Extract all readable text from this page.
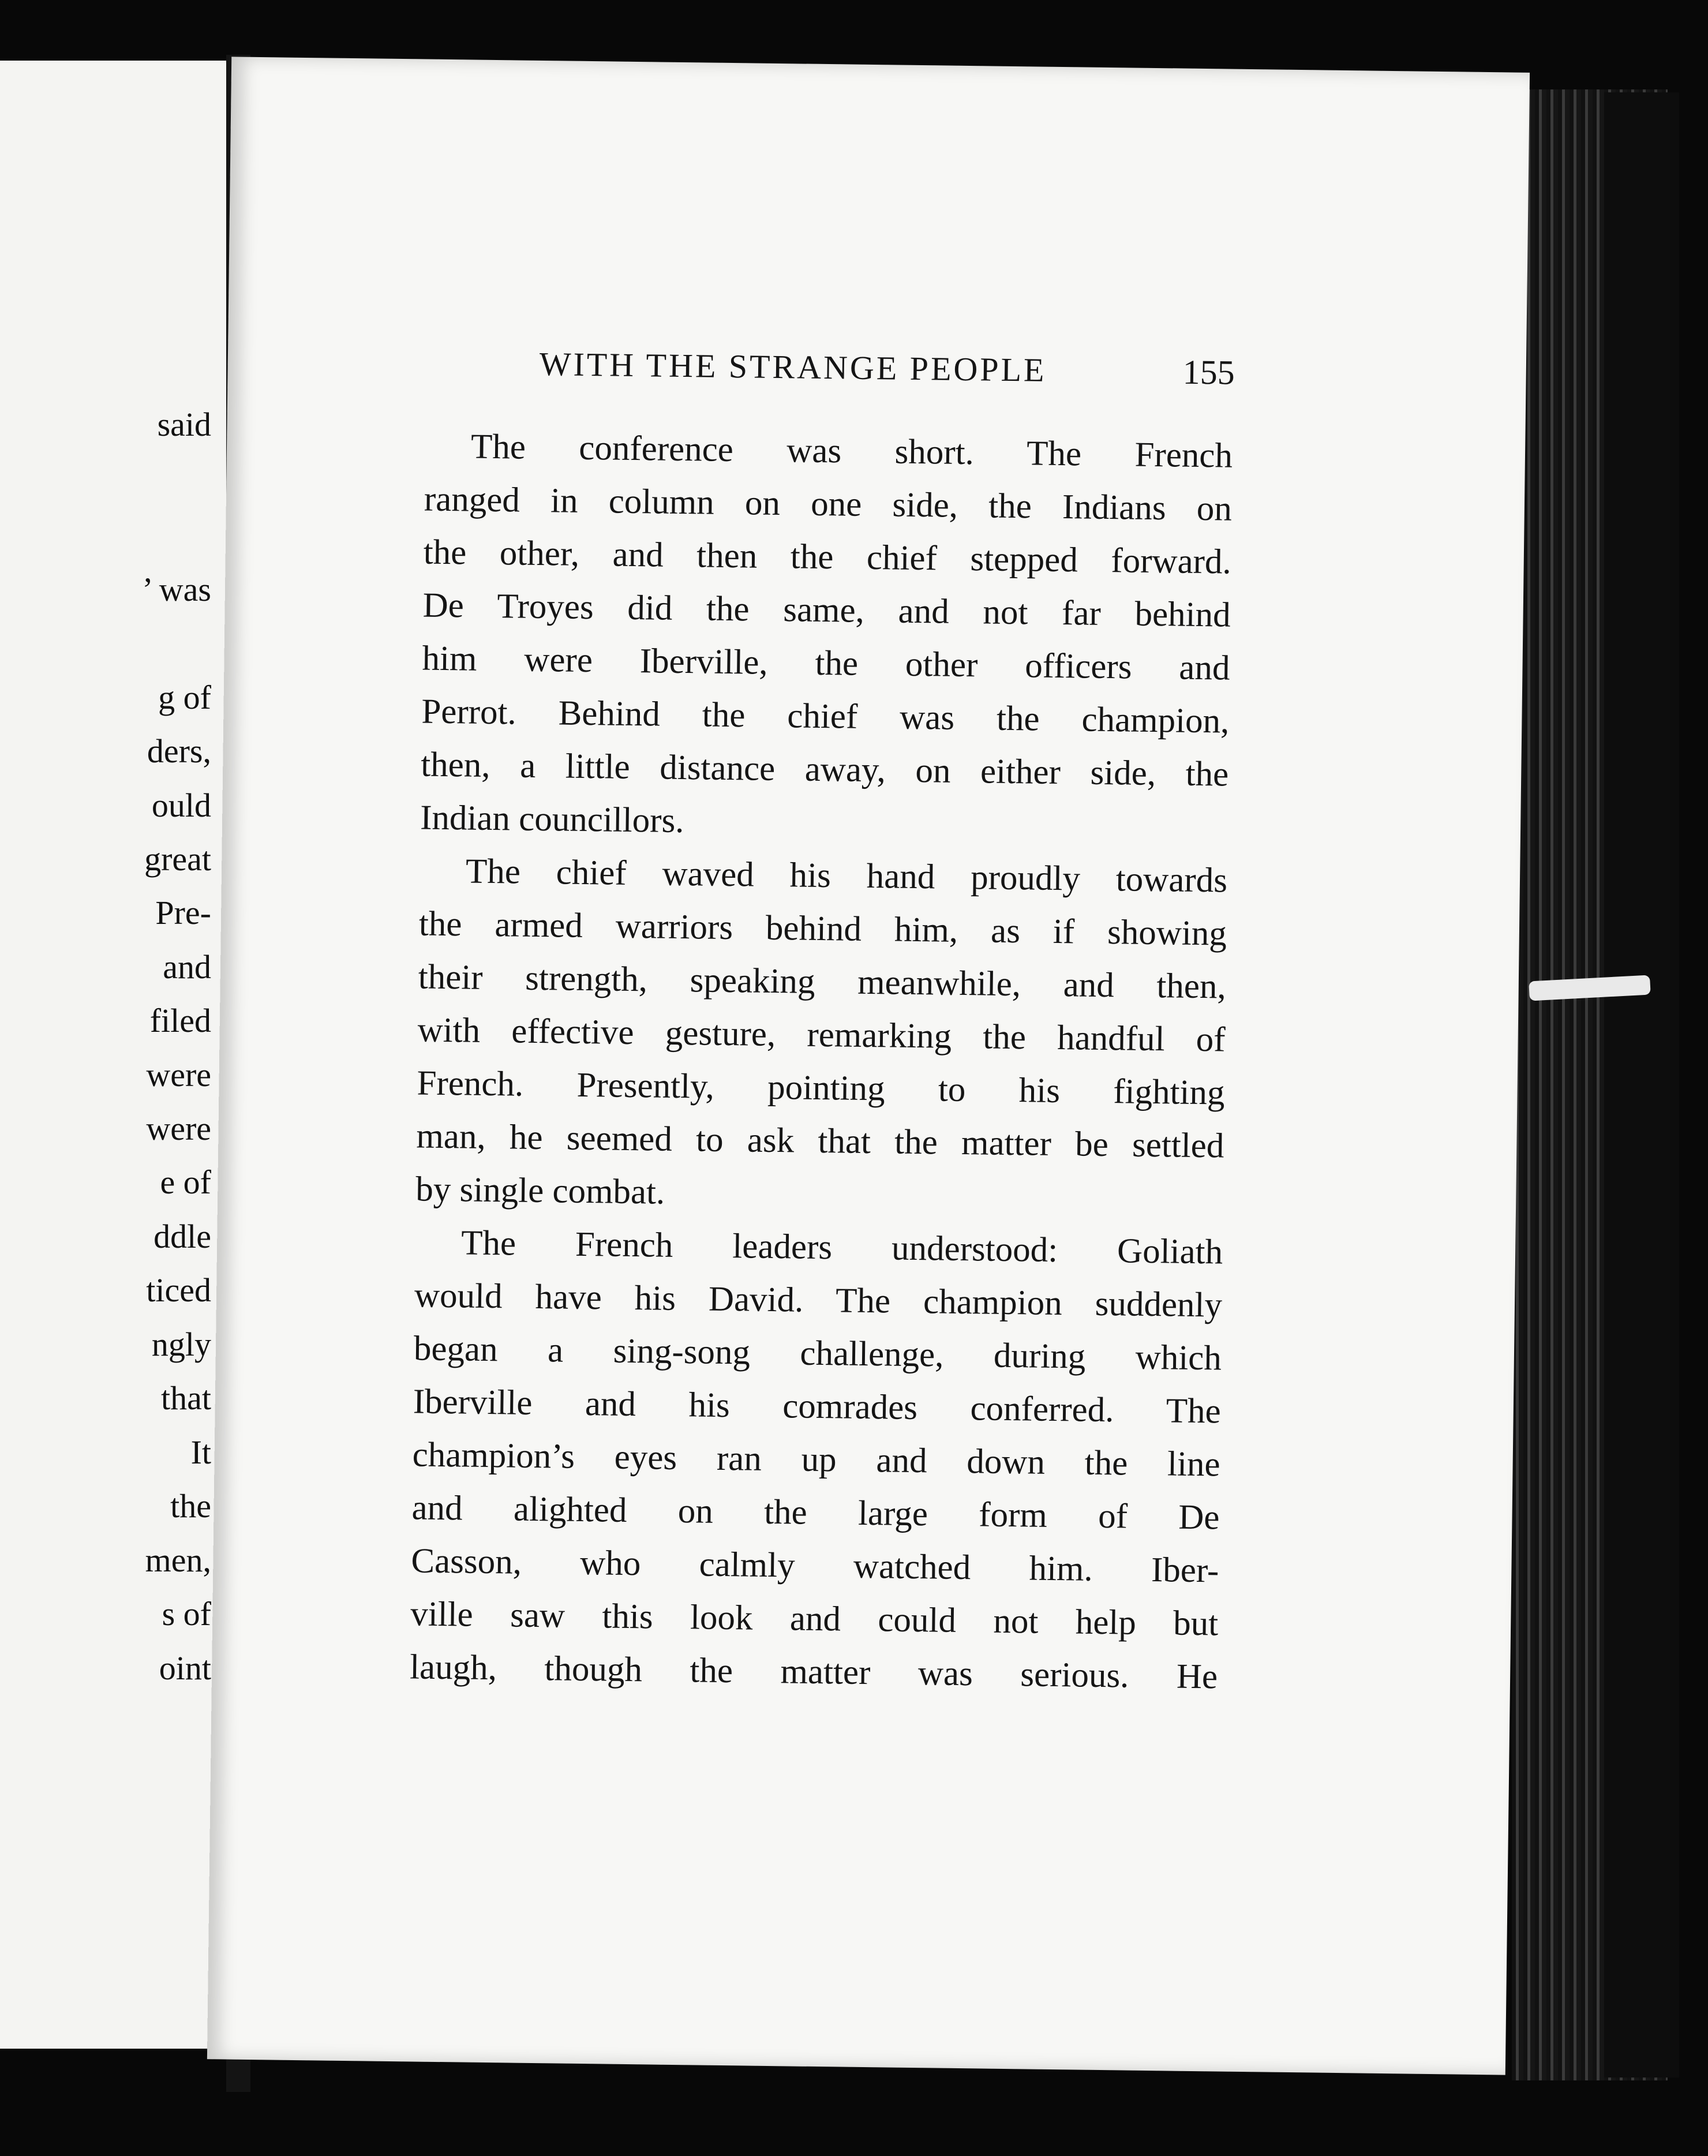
said

’ was

g of

ders,

ould

great

Pre-

and

filed

were

were

e of

ddle

ticed

ngly

that

It

the

men,

s of

oint

WITH THE STRANGE PEOPLE	155

The conference was short. The French

ranged in column on one side, the Indians on

the other, and then the chief stepped forward.

De Troyes did the same, and not far behind

him were Iberville, the other officers and

Perrot. Behind the chief was the champion,

then, a little distance away, on either side, the

Indian councillors.

The chief waved his hand proudly towards

the armed warriors behind him, as if showing

their strength, speaking meanwhile, and then,

with effective gesture, remarking the handful of

French. Presently, pointing to his fighting

man, he seemed to ask that the matter be settled

by single combat.

The French leaders understood: Goliath

would have his David. The champion suddenly

began a sing-song challenge, during which

Iberville and his comrades conferred. The

champion’s eyes ran up and down the line

and alighted on the large form of De

Casson, who calmly watched him. Iber-

ville saw this look and could not help but

laugh, though the matter was serious. He
